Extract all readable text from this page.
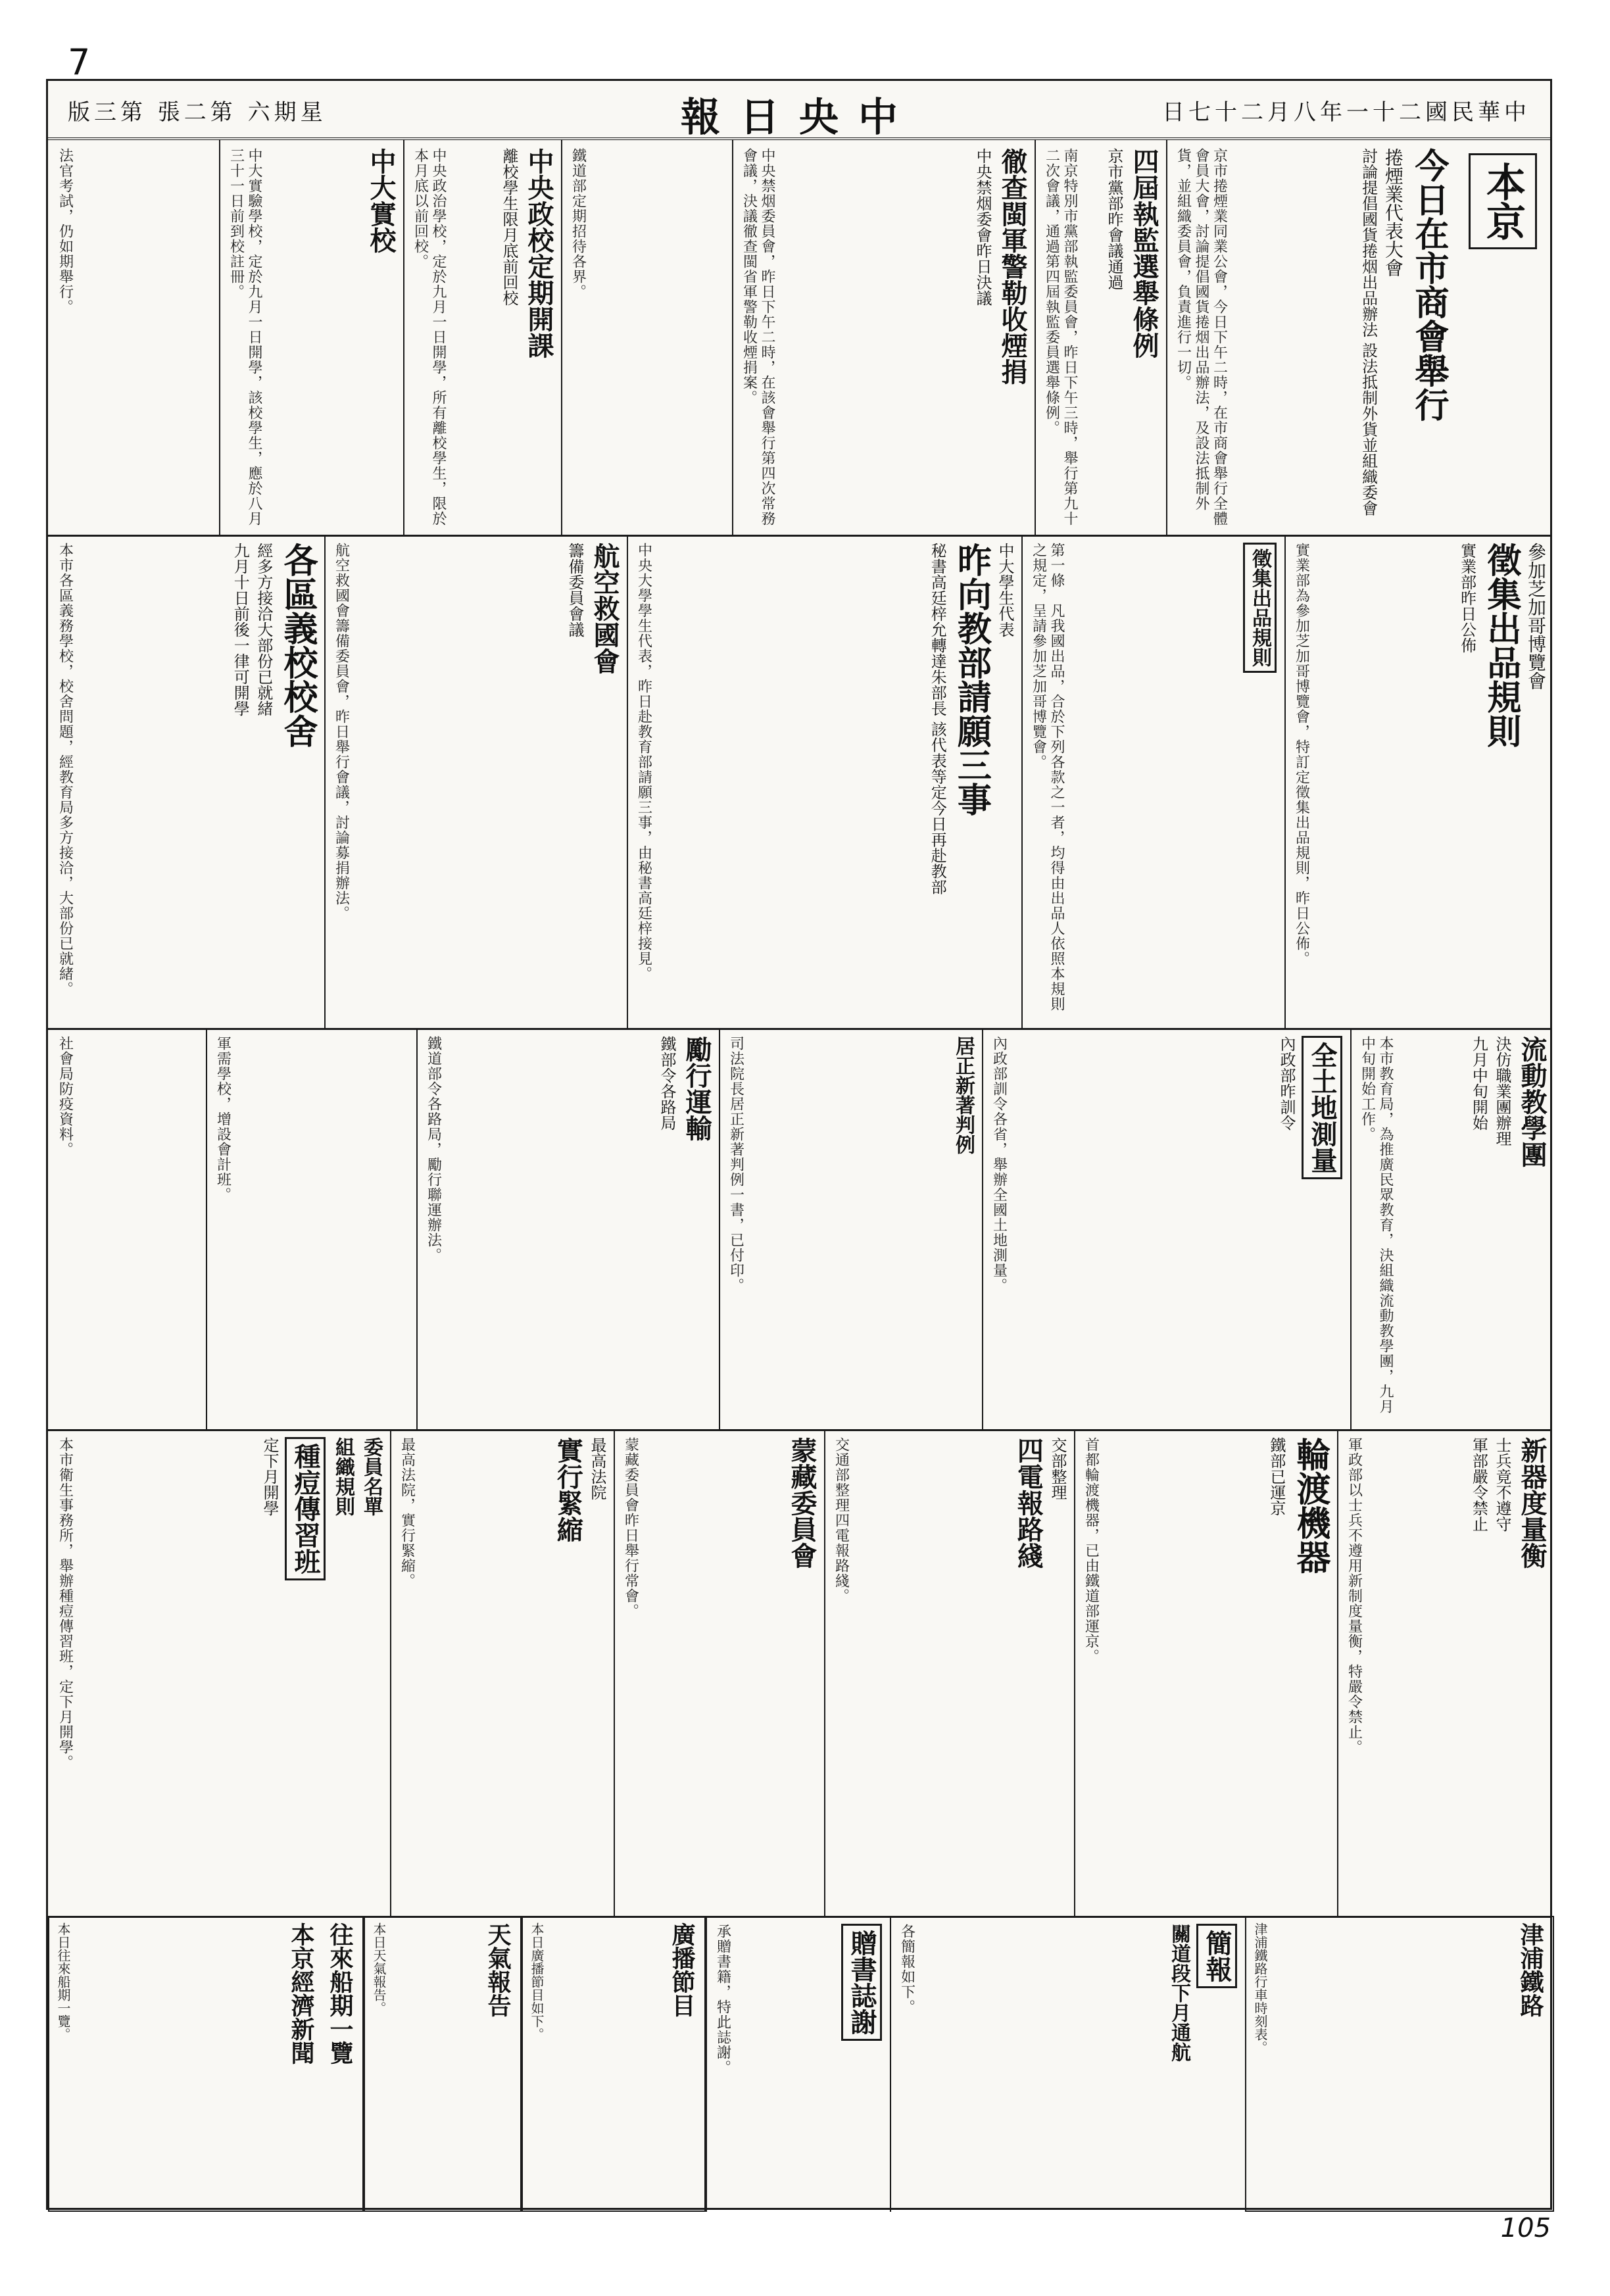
版三第 張二第 六期星	報日央中	日七十二月八年一十二國民華中
7
本京
今日在市商會舉行
捲煙業代表大會
討論提倡國貨捲烟出品辦法 設法抵制外貨並組織委會
京市捲煙業同業公會，今日下午二時，在市商會舉行全體會員大會，討論提倡國貨捲烟出品辦法，及設法抵制外貨，並組織委員會，負責進行一切。
四屆執監選舉條例
京市黨部昨會議通過
南京特別市黨部執監委員會，昨日下午三時，舉行第九十二次會議，通過第四屆執監委員選舉條例。
徹查閩軍警勒收煙捐
中央禁烟委會昨日決議
中央禁烟委員會，昨日下午二時，在該會舉行第四次常務會議，決議徹查閩省軍警勒收煙捐案。
中央政校定期開課
離校學生限月底前回校
中央政治學校，定於九月一日開學，所有離校學生，限於本月底以前回校。
中大實校
中大實驗學校，定於九月一日開學，該校學生，應於八月三十一日前到校註冊。	鐵道部定期招待各界。
法官考試，仍如期舉行。
參加芝加哥博覽會
徵集出品規則
實業部昨日公佈
實業部為參加芝加哥博覽會，特訂定徵集出品規則，昨日公佈。
徵集出品規則
第一條　凡我國出品，合於下列各款之一者，均得由出品人依照本規則之規定，呈請參加芝加哥博覽會。
中大學生代表
昨向教部請願三事
秘書高廷梓允轉達朱部長 該代表等定今日再赴教部
中央大學學生代表，昨日赴教育部請願三事，由秘書高廷梓接見。
航空救國會
籌備委員會議
航空救國會籌備委員會，昨日舉行會議，討論募捐辦法。
各區義校校舍
經多方接洽大部份已就緒
九月十日前後一律可開學
本市各區義務學校，校舍問題，經教育局多方接洽，大部份已就緒。
流動教學團
決仿職業團辦理
九月中旬開始
本市教育局，為推廣民眾教育，決組織流動教學團，九月中旬開始工作。
全土地測量
內政部昨訓令
內政部訓令各省，舉辦全國土地測量。
居正新著判例
司法院長居正新著判例一書，已付印。
勵行運輸
鐵部令各路局
鐵道部令各路局，勵行聯運辦法。
軍需學校，增設會計班。
社會局防疫資料。
新器度量衡
士兵竟不遵守
軍部嚴令禁止
軍政部以士兵不遵用新制度量衡，特嚴令禁止。
輪渡機器
鐵部已運京
首都輪渡機器，已由鐵道部運京。
交部整理
四電報路綫
交通部整理四電報路綫。
蒙藏委員會
蒙藏委員會昨日舉行常會。
最高法院
實行緊縮
最高法院，實行緊縮。
委員名單
組織規則
種痘傳習班
定下月開學
本市衛生事務所，舉辦種痘傳習班，定下月開學。
津浦鐵路
津浦鐵路行車時刻表。
簡報
關道段下月通航
各簡報如下。
贈書誌謝
承贈書籍，特此誌謝。
廣播節目
本日廣播節目如下。
天氣報告
本日天氣報告。
往來船期一覽
本京經濟新聞
本日往來船期一覽。
105
